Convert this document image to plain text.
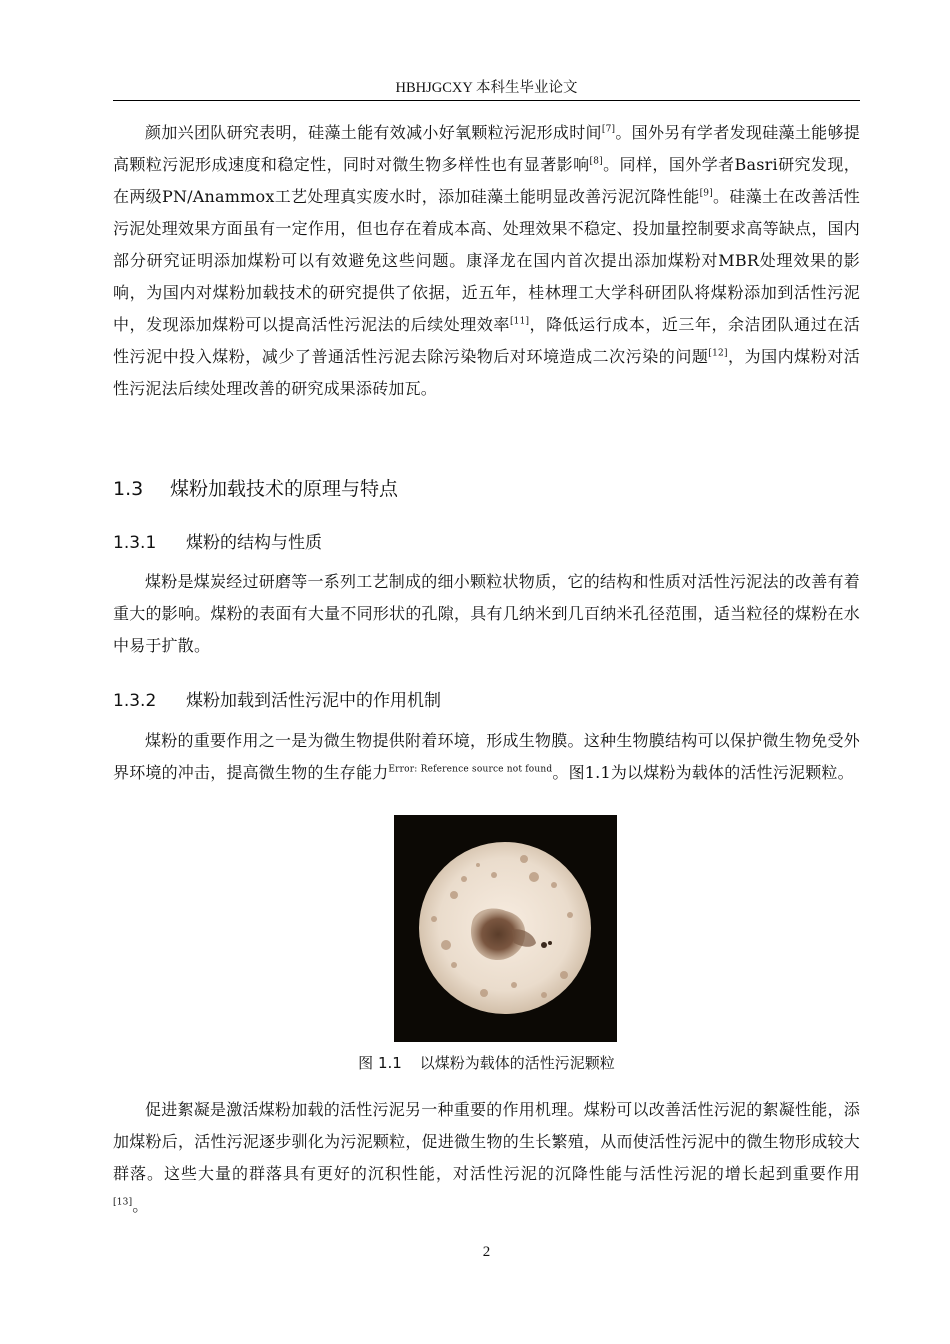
HBHJGCXY 本科生毕业论文

颜加兴团队研究表明，硅藻土能有效减小好氧颗粒污泥形成时间[7]。国外另有学者发现硅藻土能够提高颗粒污泥形成速度和稳定性，同时对微生物多样性也有显著影响[8]。同样，国外学者Basri研究发现，在两级PN/Anammox工艺处理真实废水时，添加硅藻土能明显改善污泥沉降性能[9]。硅藻土在改善活性污泥处理效果方面虽有一定作用，但也存在着成本高、处理效果不稳定、投加量控制要求高等缺点，国内部分研究证明添加煤粉可以有效避免这些问题。康泽龙在国内首次提出添加煤粉对MBR处理效果的影响，为国内对煤粉加载技术的研究提供了依据，近五年，桂林理工大学科研团队将煤粉添加到活性污泥中，发现添加煤粉可以提高活性污泥法的后续处理效率[11]，降低运行成本，近三年，余洁团队通过在活性污泥中投入煤粉，减少了普通活性污泥去除污染物后对环境造成二次污染的问题[12]，为国内煤粉对活性污泥法后续处理改善的研究成果添砖加瓦。

1.3 煤粉加载技术的原理与特点
1.3.1 煤粉的结构与性质

煤粉是煤炭经过研磨等一系列工艺制成的细小颗粒状物质，它的结构和性质对活性污泥法的改善有着重大的影响。煤粉的表面有大量不同形状的孔隙，具有几纳米到几百纳米孔径范围，适当粒径的煤粉在水中易于扩散。

1.3.2 煤粉加载到活性污泥中的作用机制

煤粉的重要作用之一是为微生物提供附着环境，形成生物膜。这种生物膜结构可以保护微生物免受外界环境的冲击，提高微生物的生存能力$^{Error: Reference source not found}$。图1.1为以煤粉为载体的活性污泥颗粒。

图 1.1 以煤粉为载体的活性污泥颗粒

促进絮凝是激活煤粉加载的活性污泥另一种重要的作用机理。煤粉可以改善活性污泥的絮凝性能，添加煤粉后，活性污泥逐步驯化为污泥颗粒，促进微生物的生长繁殖，从而使活性污泥中的微生物形成较大群落。这些大量的群落具有更好的沉积性能，对活性污泥的沉降性能与活性污泥的增长起到重要作用[13]。

2
